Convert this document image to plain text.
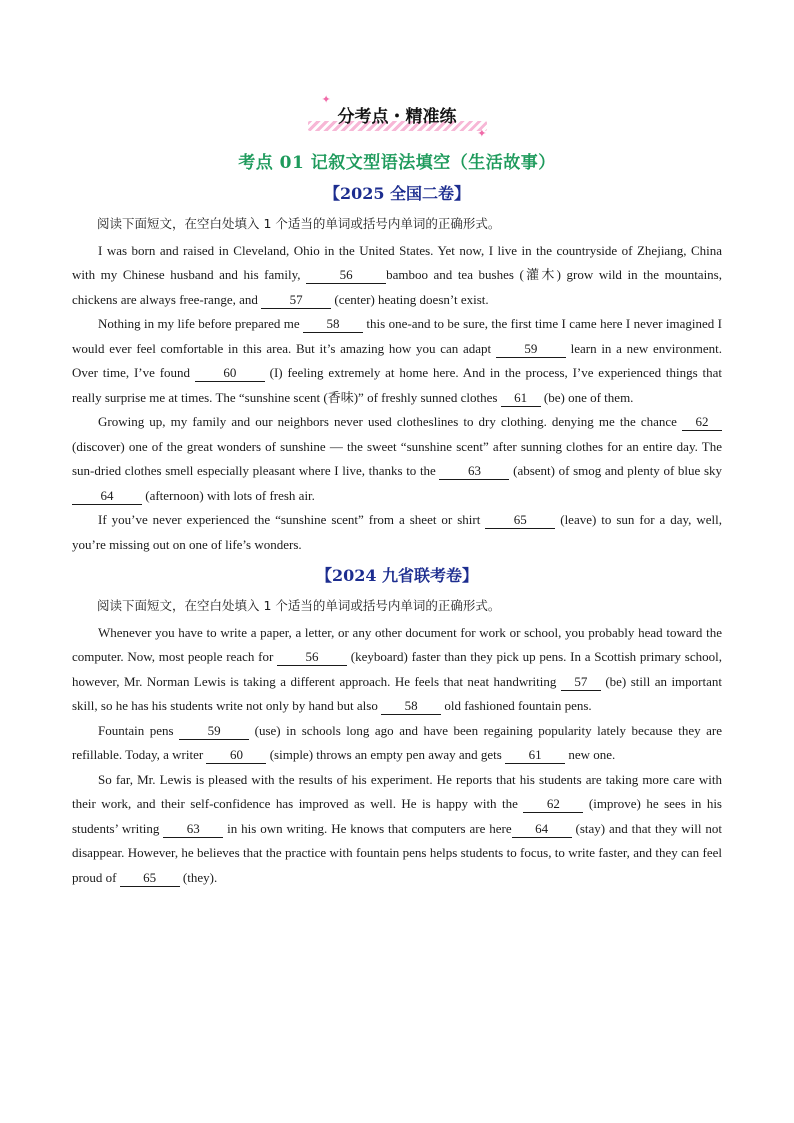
✦
分考点・精准练
✦
考点 01 记叙文型语法填空（生活故事）
【2025 全国二卷】

阅读下面短文，在空白处填入 1 个适当的单词或括号内单词的正确形式。

I was born and raised in Cleveland, Ohio in the United States. Yet now, I live in the countryside of Zhejiang, China with my Chinese husband and his family,	56	bamboo and tea bushes (灌木) grow wild in the mountains, chickens are always free-range, and 57 (center) heating doesn’t exist.

Nothing in my life before prepared me 58 this one-and to be sure, the first time I came here I never imagined I would ever feel comfortable in this area. But it’s amazing how you can adapt 59 learn in a new environment. Over time, I’ve found 60 (I) feeling extremely at home here. And in the process, I’ve experienced things that really surprise me at times. The “sunshine scent (香味)” of freshly sunned clothes 61 (be) one of them.

Growing up, my family and our neighbors never used clotheslines to dry clothing. denying me the chance 62 (discover) one of the great wonders of sunshine — the sweet “sunshine scent” after sunning clothes for an entire day. The sun-dried clothes smell especially pleasant where I live, thanks to the 63 (absent) of smog and plenty of blue sky 64 (afternoon) with lots of fresh air.

If you’ve never experienced the “sunshine scent” from a sheet or shirt 65 (leave) to sun for a day, well, you’re missing out on one of life’s wonders.

【2024 九省联考卷】

阅读下面短文，在空白处填入 1 个适当的单词或括号内单词的正确形式。

Whenever you have to write a paper, a letter, or any other document for work or school, you probably head toward the computer. Now, most people reach for 56 (keyboard) faster than they pick up pens. In a Scottish primary school, however, Mr. Norman Lewis is taking a different approach. He feels that neat handwriting 57 (be) still an important skill, so he has his students write not only by hand but also 58 old fashioned fountain pens.

Fountain pens 59 (use) in schools long ago and have been regaining popularity lately because they are refillable. Today, a writer 60 (simple) throws an empty pen away and gets 61 new one.

So far, Mr. Lewis is pleased with the results of his experiment. He reports that his students are taking more care with their work, and their self-confidence has improved as well. He is happy with the 62 (improve) he sees in his students’ writing 63 in his own writing. He knows that computers are here 64 (stay) and that they will not disappear. However, he believes that the practice with fountain pens helps students to focus, to write faster, and they can feel proud of 65 (they).
